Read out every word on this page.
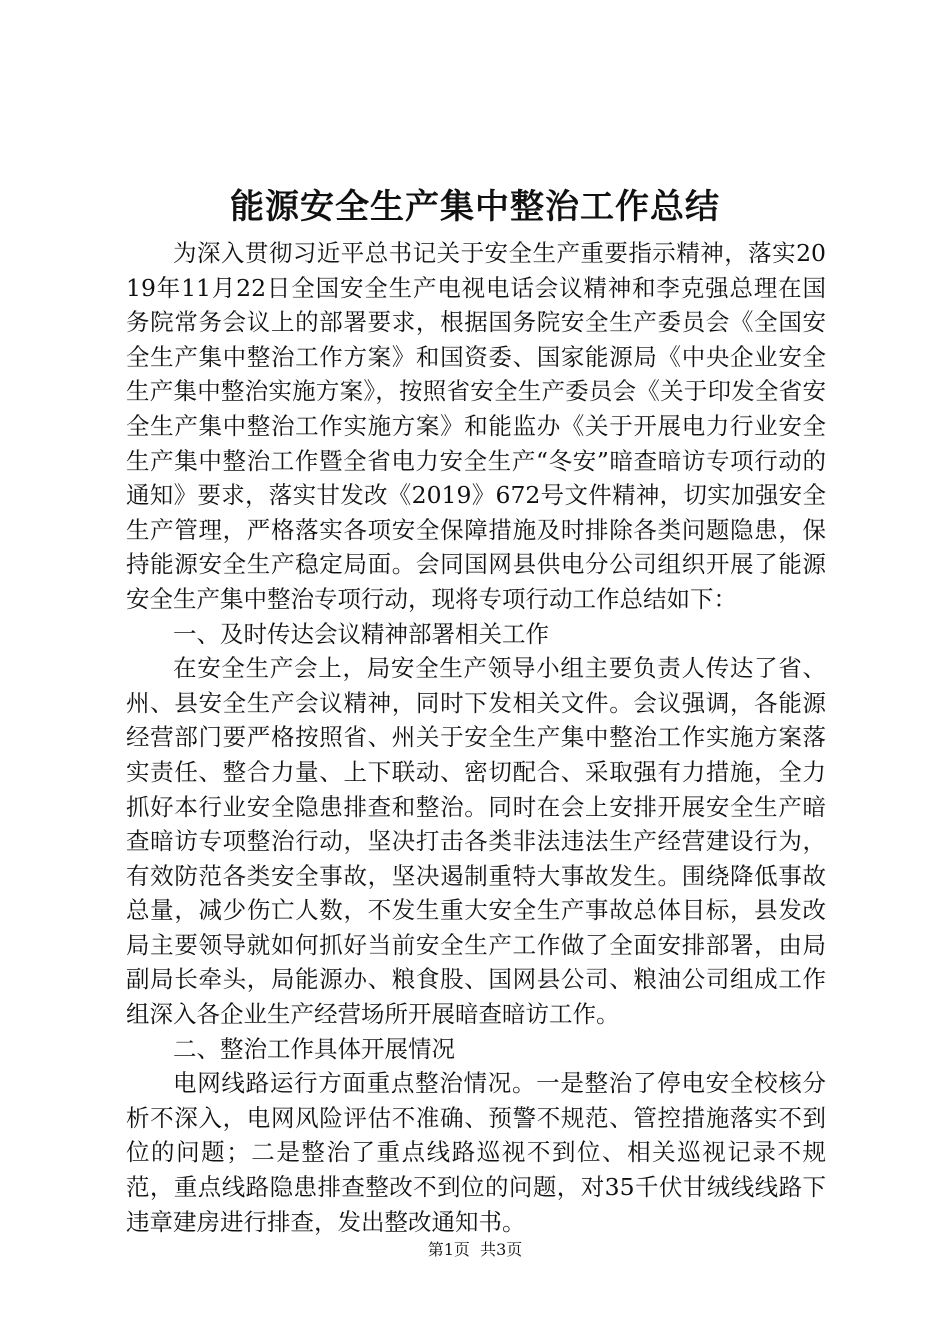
能源安全生产集中整治工作总结

为深入贯彻习近平总书记关于安全生产重要指示精神，落实2019年11月22日全国安全生产电视电话会议精神和李克强总理在国务院常务会议上的部署要求，根据国务院安全生产委员会《全国安全生产集中整治工作方案》和国资委、国家能源局《中央企业安全生产集中整治实施方案》，按照省安全生产委员会《关于印发全省安全生产集中整治工作实施方案》和能监办《关于开展电力行业安全生产集中整治工作暨全省电力安全生产“冬安”暗查暗访专项行动的通知》要求，落实甘发改《2019》672号文件精神，切实加强安全生产管理，严格落实各项安全保障措施及时排除各类问题隐患，保持能源安全生产稳定局面。会同国网县供电分公司组织开展了能源安全生产集中整治专项行动，现将专项行动工作总结如下：

一、及时传达会议精神部署相关工作

在安全生产会上，局安全生产领导小组主要负责人传达了省、州、县安全生产会议精神，同时下发相关文件。会议强调，各能源经营部门要严格按照省、州关于安全生产集中整治工作实施方案落实责任、整合力量、上下联动、密切配合、采取强有力措施，全力抓好本行业安全隐患排查和整治。同时在会上安排开展安全生产暗查暗访专项整治行动，坚决打击各类非法违法生产经营建设行为，有效防范各类安全事故，坚决遏制重特大事故发生。围绕降低事故总量，减少伤亡人数，不发生重大安全生产事故总体目标，县发改局主要领导就如何抓好当前安全生产工作做了全面安排部署，由局副局长牵头，局能源办、粮食股、国网县公司、粮油公司组成工作组深入各企业生产经营场所开展暗查暗访工作。

二、整治工作具体开展情况

电网线路运行方面重点整治情况。一是整治了停电安全校核分析不深入，电网风险评估不准确、预警不规范、管控措施落实不到位的问题；二是整治了重点线路巡视不到位、相关巡视记录不规范，重点线路隐患排查整改不到位的问题，对35千伏甘绒线线路下违章建房进行排查，发出整改通知书。

第1页 共3页
